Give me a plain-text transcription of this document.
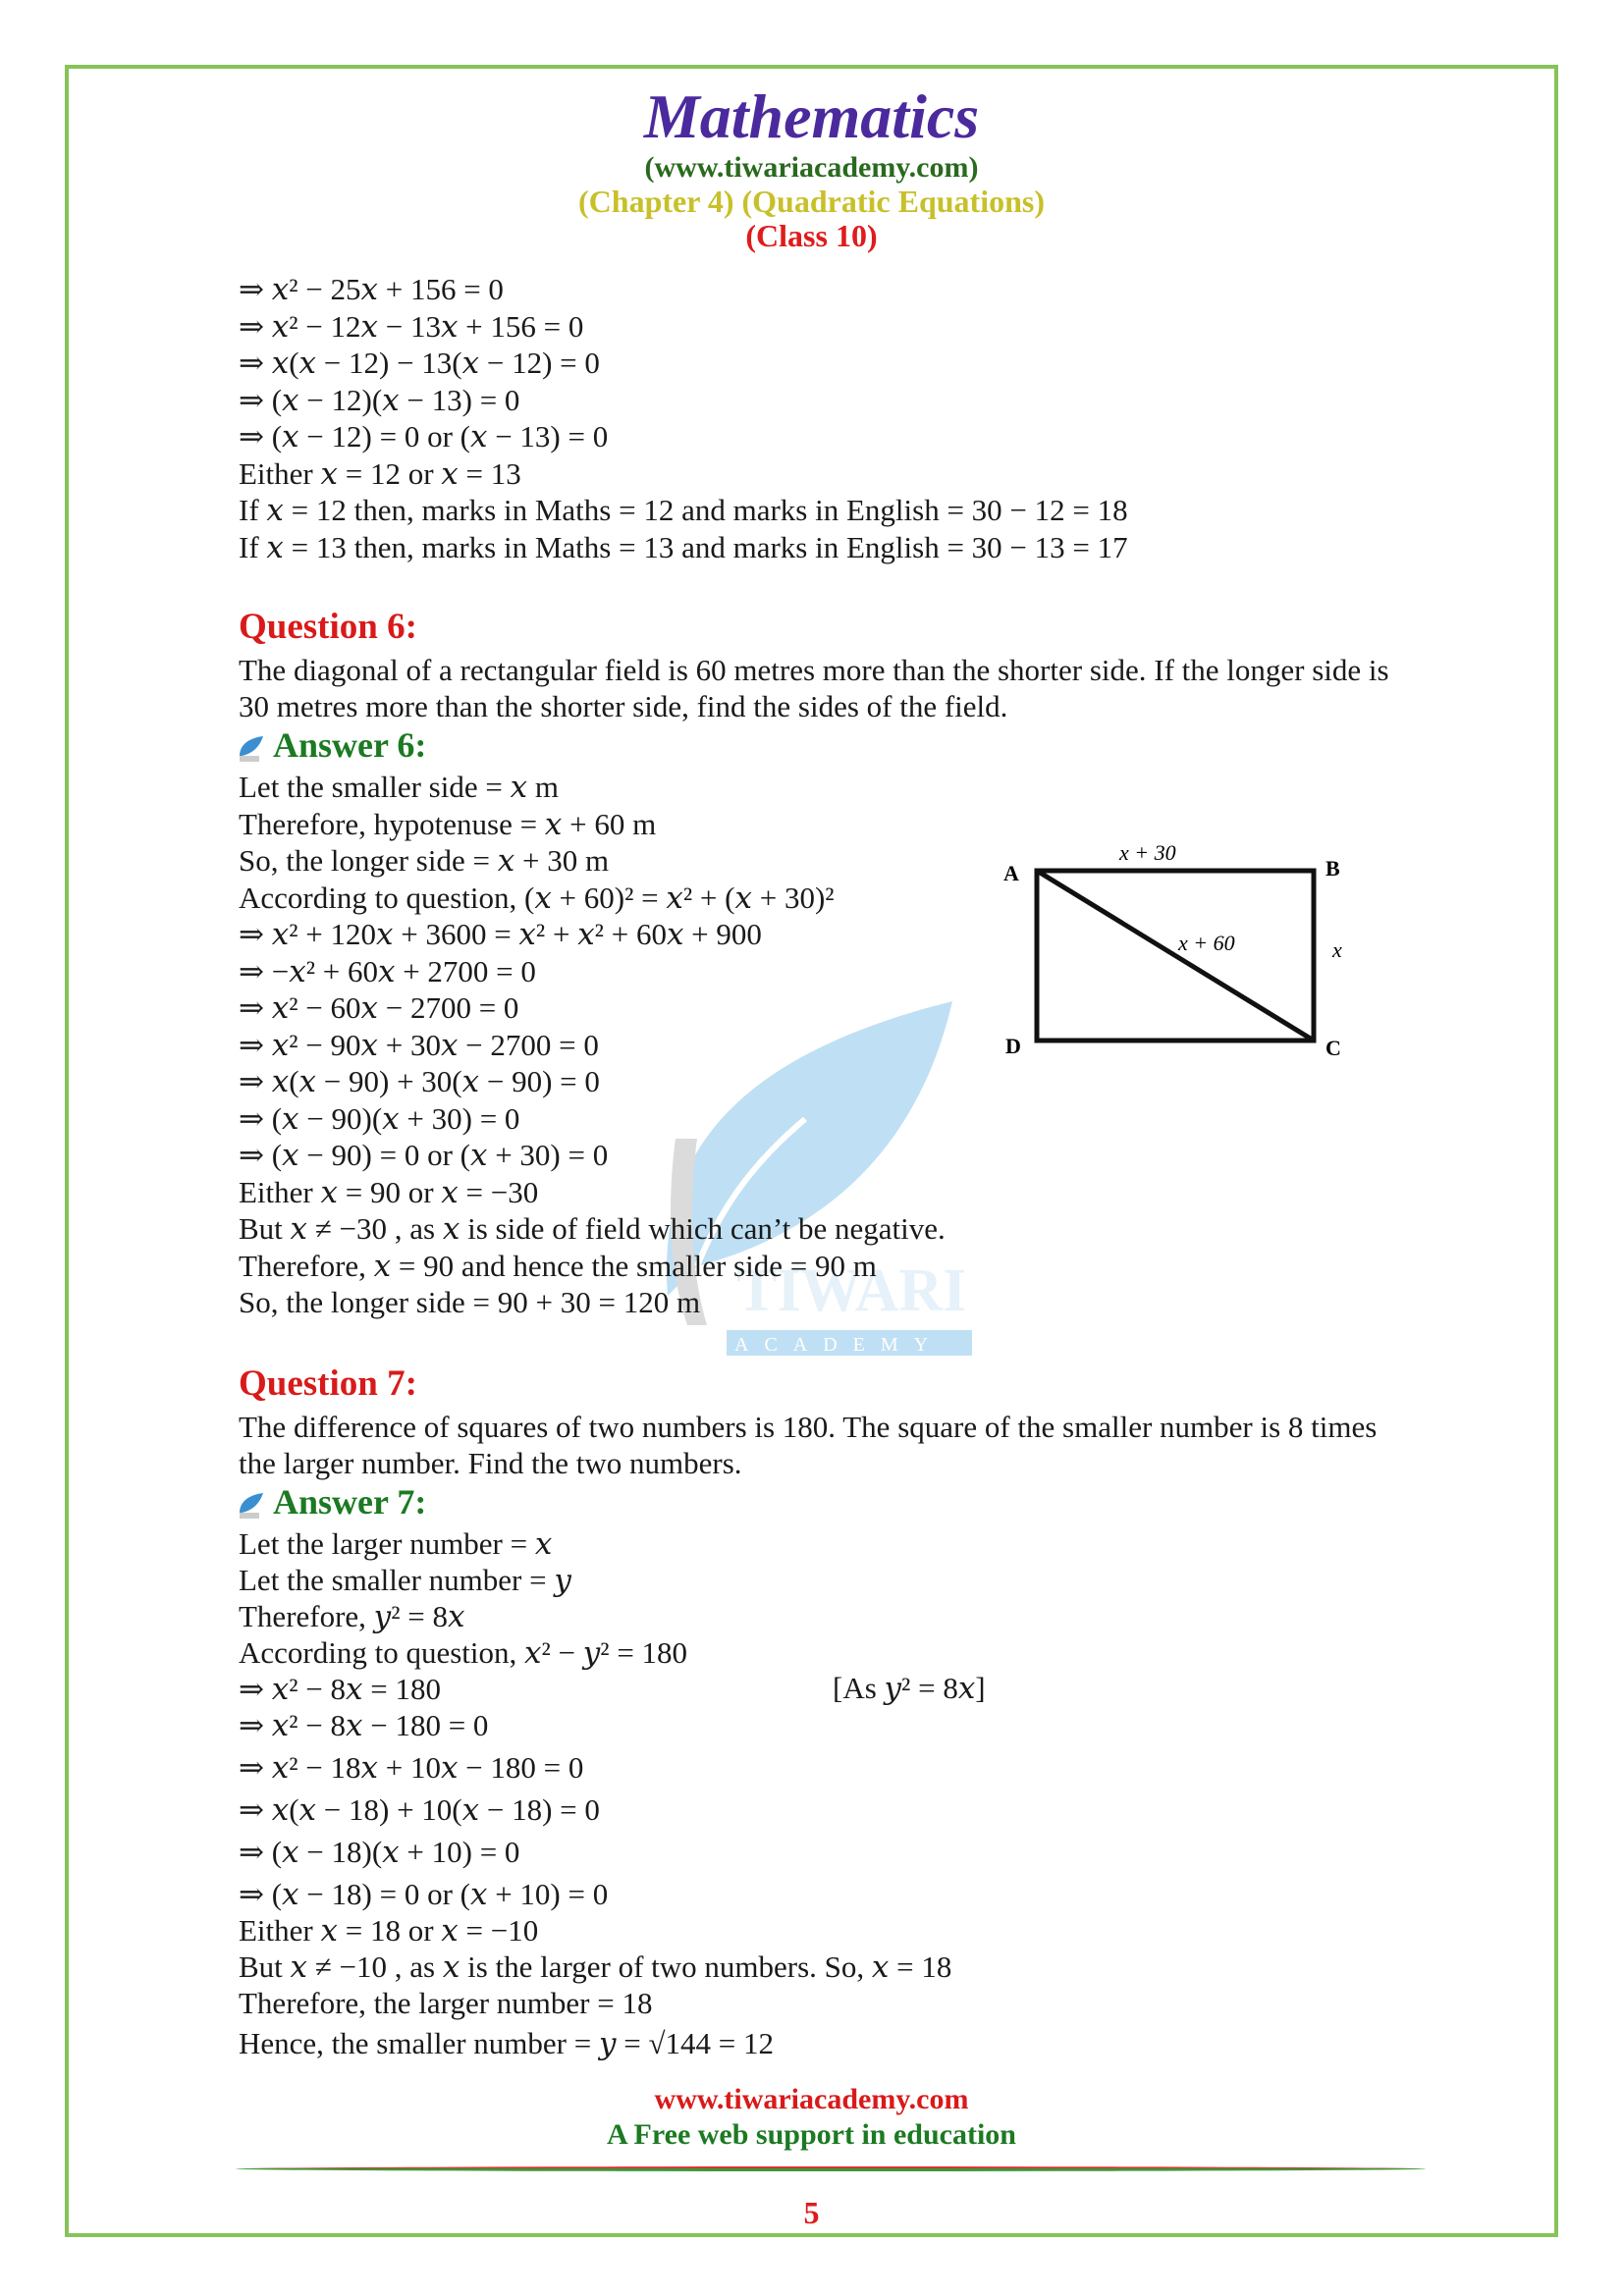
Mathematics
(www.tiwariacademy.com)
(Chapter 4) (Quadratic Equations)
(Class 10)
TIWARI
ACADEMY
⇒ 𝑥² − 25𝑥 + 156 = 0
⇒ 𝑥² − 12𝑥 − 13𝑥 + 156 = 0
⇒ 𝑥(𝑥 − 12) − 13(𝑥 − 12) = 0
⇒ (𝑥 − 12)(𝑥 − 13) = 0
⇒ (𝑥 − 12) = 0 or (𝑥 − 13) = 0
Either 𝑥 = 12 or 𝑥 = 13
If 𝑥 = 12 then, marks in Maths = 12 and marks in English = 30 − 12 = 18
If 𝑥 = 13 then, marks in Maths = 13 and marks in English = 30 − 13 = 17
Question 6:
The diagonal of a rectangular field is 60 metres more than the shorter side. If the longer side is 30 metres more than the shorter side, find the sides of the field.
Answer 6:
Let the smaller side = 𝑥 m
Therefore, hypotenuse = 𝑥 + 60 m
So, the longer side = 𝑥 + 30 m
According to question, (𝑥 + 60)² = 𝑥² + (𝑥 + 30)²
⇒ 𝑥² + 120𝑥 + 3600 = 𝑥² + 𝑥² + 60𝑥 + 900
⇒ −𝑥² + 60𝑥 + 2700 = 0
⇒ 𝑥² − 60𝑥 − 2700 = 0
⇒ 𝑥² − 90𝑥 + 30𝑥 − 2700 = 0
⇒ 𝑥(𝑥 − 90) + 30(𝑥 − 90) = 0
⇒ (𝑥 − 90)(𝑥 + 30) = 0
⇒ (𝑥 − 90) = 0 or (𝑥 + 30) = 0
Either 𝑥 = 90 or 𝑥 = −30
But 𝑥 ≠ −30 , as 𝑥 is side of field which can’t be negative.
Therefore, 𝑥 = 90 and hence the smaller side = 90 m
So, the longer side = 90 + 30 = 120 m
A	B
C
D
x + 30
x + 60	x
Question 7:
The difference of squares of two numbers is 180. The square of the smaller number is 8 times the larger number. Find the two numbers.
Answer 7:
Let the larger number = 𝑥
Let the smaller number = 𝑦
Therefore, 𝑦² = 8𝑥
According to question, 𝑥² − 𝑦² = 180
⇒ 𝑥² − 8𝑥 = 180
⇒ 𝑥² − 8𝑥 − 180 = 0
⇒ 𝑥² − 18𝑥 + 10𝑥 − 180 = 0
⇒ 𝑥(𝑥 − 18) + 10(𝑥 − 18) = 0
⇒ (𝑥 − 18)(𝑥 + 10) = 0
⇒ (𝑥 − 18) = 0 or (𝑥 + 10) = 0
Either 𝑥 = 18 or 𝑥 = −10
But 𝑥 ≠ −10 , as 𝑥 is the larger of two numbers. So, 𝑥 = 18
Therefore, the larger number = 18
Hence, the smaller number = 𝑦 = √144 = 12
[As 𝑦² = 8𝑥]
www.tiwariacademy.com
A Free web support in education
5
